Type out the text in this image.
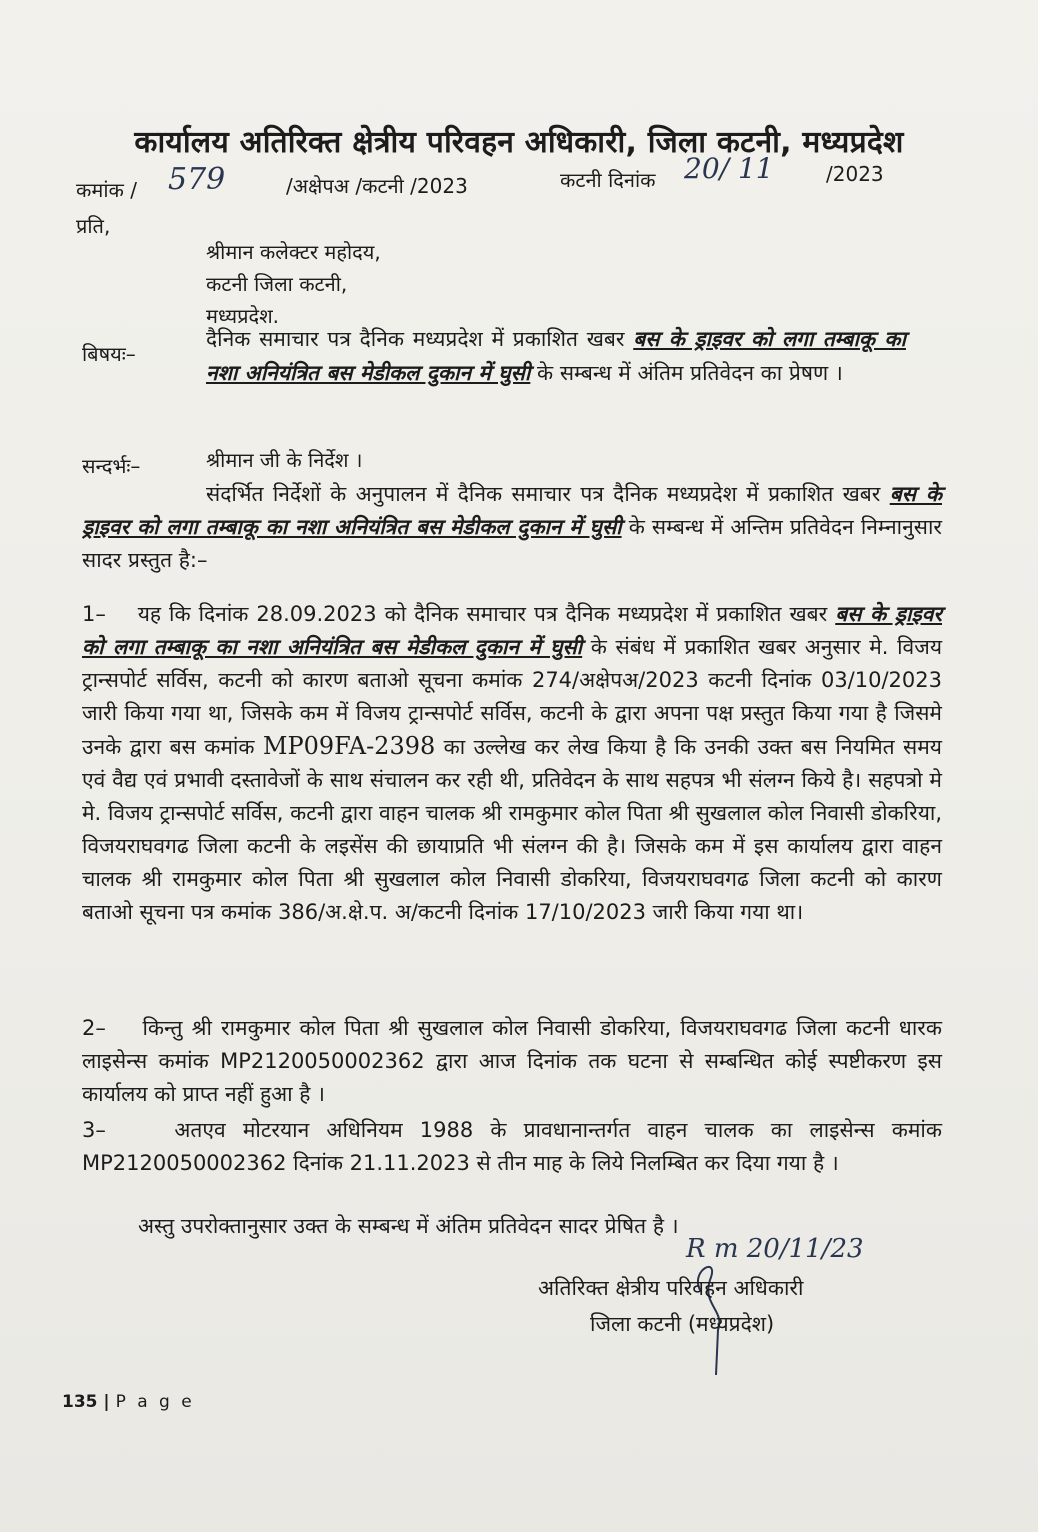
कार्यालय अतिरिक्त क्षेत्रीय परिवहन अधिकारी, जिला कटनी, मध्यप्रदेश
कमांक / 579	/अक्षेपअ /कटनी /2023	कटनी दिनांक 20/ 11	/2023
प्रति,
श्रीमान कलेक्टर महोदय,
कटनी जिला कटनी,
मध्यप्रदेश.
बिषयः–
दैनिक समाचार पत्र दैनिक मध्यप्रदेश में प्रकाशित खबर बस के ड्राइवर को लगा तम्बाकू का नशा अनियंत्रित बस मेडीकल दुकान में घुसी के सम्बन्ध में अंतिम प्रतिवेदन का प्रेषण ।
सन्दर्भः–	श्रीमान जी के निर्देश ।
संदर्भित निर्देशों के अनुपालन में दैनिक समाचार पत्र दैनिक मध्यप्रदेश में प्रकाशित खबर बस के ड्राइवर को लगा तम्बाकू का नशा अनियंत्रित बस मेडीकल दुकान में घुसी के सम्बन्ध में अन्तिम प्रतिवेदन निम्नानुसार सादर प्रस्तुत है:–
1– यह कि दिनांक 28.09.2023 को दैनिक समाचार पत्र दैनिक मध्यप्रदेश में प्रकाशित खबर बस के ड्राइवर को लगा तम्बाकू का नशा अनियंत्रित बस मेडीकल दुकान में घुसी के संबंध में प्रकाशित खबर अनुसार मे. विजय ट्रान्सपोर्ट सर्विस, कटनी को कारण बताओ सूचना कमांक 274/अक्षेपअ/2023 कटनी दिनांक 03/10/2023 जारी किया गया था, जिसके कम में विजय ट्रान्सपोर्ट सर्विस, कटनी के द्वारा अपना पक्ष प्रस्तुत किया गया है जिसमे उनके द्वारा बस कमांक MP09FA-2398 का उल्लेख कर लेख किया है कि उनकी उक्त बस नियमित समय एवं वैद्य एवं प्रभावी दस्तावेजों के साथ संचालन कर रही थी, प्रतिवेदन के साथ सहपत्र भी संलग्न किये है। सहपत्रो मे मे. विजय ट्रान्सपोर्ट सर्विस, कटनी द्वारा वाहन चालक श्री रामकुमार कोल पिता श्री सुखलाल कोल निवासी डोकरिया, विजयराघवगढ जिला कटनी के लइसेंस की छायाप्रति भी संलग्न की है। जिसके कम में इस कार्यालय द्वारा वाहन चालक श्री रामकुमार कोल पिता श्री सुखलाल कोल निवासी डोकरिया, विजयराघवगढ जिला कटनी को कारण बताओ सूचना पत्र कमांक 386/अ.क्षे.प. अ/कटनी दिनांक 17/10/2023 जारी किया गया था।
2– किन्तु श्री रामकुमार कोल पिता श्री सुखलाल कोल निवासी डोकरिया, विजयराघवगढ जिला कटनी धारक लाइसेन्स कमांक MP2120050002362 द्वारा आज दिनांक तक घटना से सम्बन्धित कोई स्पष्टीकरण इस कार्यालय को प्राप्त नहीं हुआ है ।
3–	अतएव मोटरयान अधिनियम 1988 के प्रावधानान्तर्गत वाहन चालक का लाइसेन्स कमांक MP2120050002362 दिनांक 21.11.2023 से तीन माह के लिये निलम्बित कर दिया गया है ।
अस्तु उपरोक्तानुसार उक्त के सम्बन्ध में अंतिम प्रतिवेदन सादर प्रेषित है ।
R m 20/11/23
अतिरिक्त क्षेत्रीय परिवहन अधिकारी
जिला कटनी (मध्यप्रदेश)
135 | P a g e
